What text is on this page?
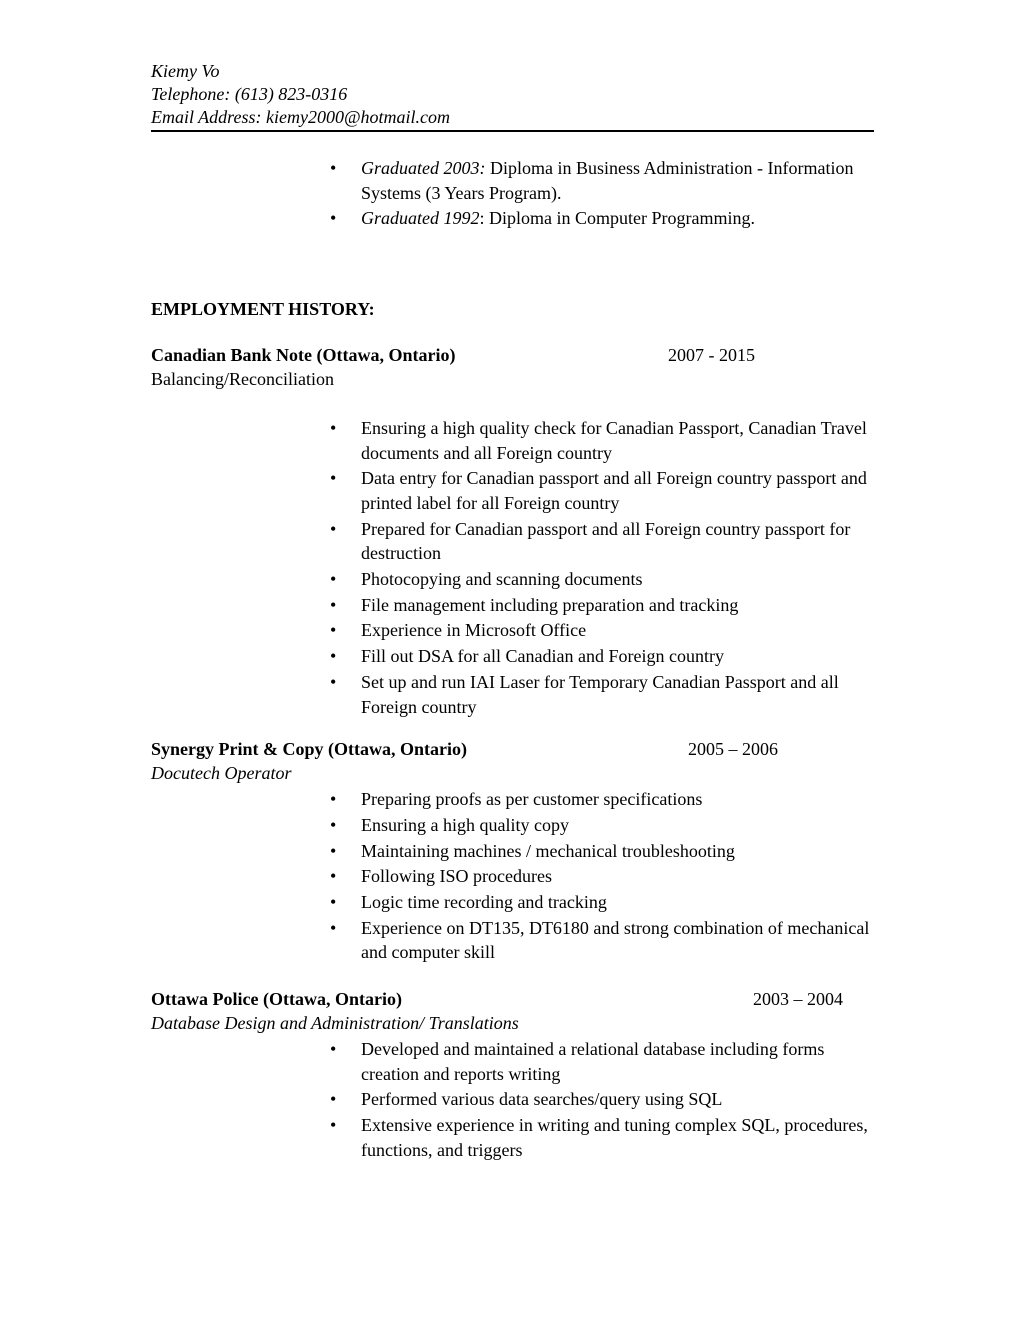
Kiemy Vo
Telephone: (613) 823-0316
Email Address: kiemy2000@hotmail.com
• Graduated 2003: Diploma in Business Administration - Information Systems (3 Years Program).
• Graduated 1992: Diploma in Computer Programming.
EMPLOYMENT HISTORY:
Canadian Bank Note (Ottawa, Ontario)	2007 - 2015
Balancing/Reconciliation
• Ensuring a high quality check for Canadian Passport, Canadian Travel documents and all Foreign country
• Data entry for Canadian passport and all Foreign country passport and printed label for all Foreign country
• Prepared for Canadian passport and all Foreign country passport for destruction
• Photocopying and scanning documents
• File management including preparation and tracking
• Experience in Microsoft Office
• Fill out DSA for all Canadian and Foreign country
• Set up and run IAI Laser for Temporary Canadian Passport and all Foreign country
Synergy Print & Copy (Ottawa, Ontario)	2005 – 2006
Docutech Operator
• Preparing proofs as per customer specifications
• Ensuring a high quality copy
• Maintaining machines / mechanical troubleshooting
• Following ISO procedures
• Logic time recording and tracking
• Experience on DT135, DT6180 and strong combination of mechanical and computer skill
Ottawa Police (Ottawa, Ontario)	2003 – 2004
Database Design and Administration/ Translations
• Developed and maintained a relational database including forms creation and reports writing
• Performed various data searches/query using SQL
• Extensive experience in writing and tuning complex SQL, procedures, functions, and triggers
